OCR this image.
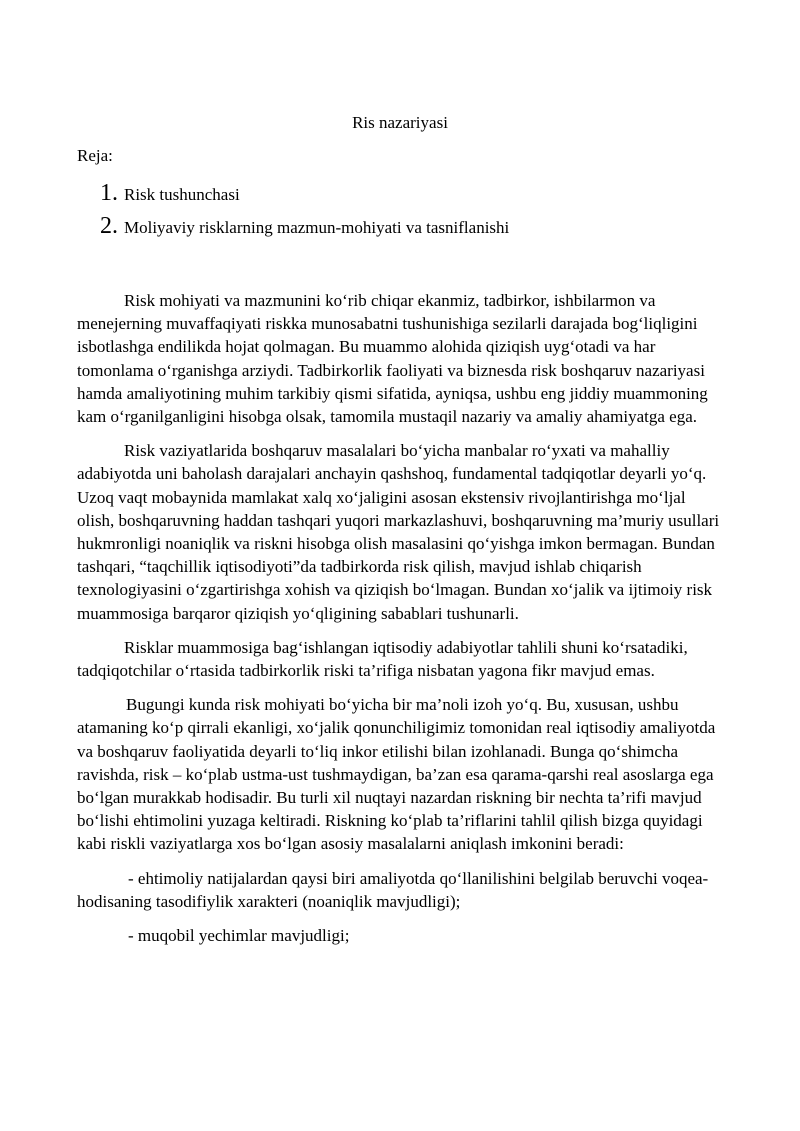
Ris nazariyasi
Reja:
1. Risk tushunchasi
2. Moliyaviy risklarning mazmun-mohiyati va tasniflanishi

Risk mohiyati va mazmunini ko‘rib chiqar ekanmiz, tadbirkor, ishbilarmon va menejerning muvaffaqiyati riskka munosabatni tushunishiga sezilarli darajada bog‘liqligini isbotlashga endilikda hojat qolmagan. Bu muammo alohida qiziqish uyg‘otadi va har tomonlama o‘rganishga arziydi. Tadbirkorlik faoliyati va biznesda risk boshqaruv nazariyasi hamda amaliyotining muhim tarkibiy qismi sifatida, ayniqsa, ushbu eng jiddiy muammoning kam o‘rganilganligini hisobga olsak, tamomila mustaqil nazariy va amaliy ahamiyatga ega.

Risk vaziyatlarida boshqaruv masalalari bo‘yicha manbalar ro‘yxati va mahalliy adabiyotda uni baholash darajalari anchayin qashshoq, fundamental tadqiqotlar deyarli yo‘q. Uzoq vaqt mobaynida mamlakat xalq xo‘jaligini asosan ekstensiv rivojlantirishga mo‘ljal olish, boshqaruvning haddan tashqari yuqori markazlashuvi, boshqaruvning ma’muriy usullari hukmronligi noaniqlik va riskni hisobga olish masalasini qo‘yishga imkon bermagan. Bundan tashqari, “taqchillik iqtisodiyoti”da tadbirkorda risk qilish, mavjud ishlab chiqarish texnologiyasini o‘zgartirishga xohish va qiziqish bo‘lmagan. Bundan xo‘jalik va ijtimoiy risk muammosiga barqaror qiziqish yo‘qligining sabablari tushunarli.

Risklar muammosiga bag‘ishlangan iqtisodiy adabiyotlar tahlili shuni ko‘rsatadiki, tadqiqotchilar o‘rtasida tadbirkorlik riski ta’rifiga nisbatan yagona fikr mavjud emas.

Bugungi kunda risk mohiyati bo‘yicha bir ma’noli izoh yo‘q. Bu, xususan, ushbu atamaning ko‘p qirrali ekanligi, xo‘jalik qonunchiligimiz tomonidan real iqtisodiy amaliyotda va boshqaruv faoliyatida deyarli to‘liq inkor etilishi bilan izohlanadi. Bunga qo‘shimcha ravishda, risk – ko‘plab ustma-ust tushmaydigan, ba’zan esa qarama-qarshi real asoslarga ega bo‘lgan murakkab hodisadir. Bu turli xil nuqtayi nazardan riskning bir nechta ta’rifi mavjud bo‘lishi ehtimolini yuzaga keltiradi. Riskning ko‘plab ta’riflarini tahlil qilish bizga quyidagi kabi riskli vaziyatlarga xos bo‘lgan asosiy masalalarni aniqlash imkonini beradi:

- ehtimoliy natijalardan qaysi biri amaliyotda qo‘llanilishini belgilab beruvchi voqea-hodisaning tasodifiylik xarakteri (noaniqlik mavjudligi);

- muqobil yechimlar mavjudligi;
